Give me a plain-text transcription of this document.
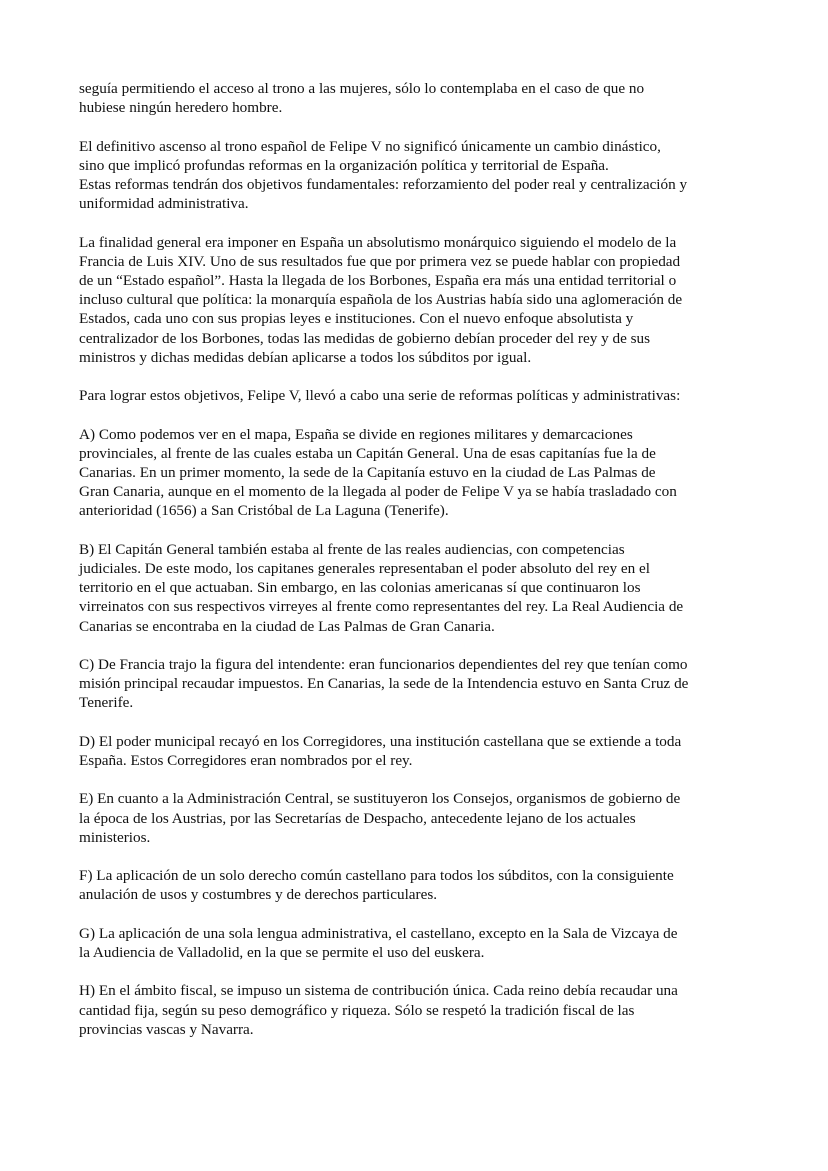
seguía permitiendo el acceso al trono a las mujeres, sólo lo contemplaba en el caso de que no
hubiese ningún heredero hombre.

El definitivo ascenso al trono español de Felipe V no significó únicamente un cambio dinástico,
sino que implicó profundas reformas en la organización política y territorial de España.
Estas reformas tendrán dos objetivos fundamentales: reforzamiento del poder real y centralización y
uniformidad administrativa.

La finalidad general era imponer en España un absolutismo monárquico siguiendo el modelo de la
Francia de Luis XIV. Uno de sus resultados fue que por primera vez se puede hablar con propiedad
de un “Estado español”. Hasta la llegada de los Borbones, España era más una entidad territorial o
incluso cultural que política: la monarquía española de los Austrias había sido una aglomeración de
Estados, cada uno con sus propias leyes e instituciones. Con el nuevo enfoque absolutista y
centralizador de los Borbones, todas las medidas de gobierno debían proceder del rey y de sus
ministros y dichas medidas debían aplicarse a todos los súbditos por igual.

Para lograr estos objetivos, Felipe V, llevó a cabo una serie de reformas políticas y administrativas:

A) Como podemos ver en el mapa, España se divide en regiones militares y demarcaciones
provinciales, al frente de las cuales estaba un Capitán General. Una de esas capitanías fue la de
Canarias. En un primer momento, la sede de la Capitanía estuvo en la ciudad de Las Palmas de
Gran Canaria, aunque en el momento de la llegada al poder de Felipe V ya se había trasladado con
anterioridad (1656) a San Cristóbal de La Laguna (Tenerife).

B) El Capitán General también estaba al frente de las reales audiencias, con competencias
judiciales. De este modo, los capitanes generales representaban el poder absoluto del rey en el
territorio en el que actuaban. Sin embargo, en las colonias americanas sí que continuaron los
virreinatos con sus respectivos virreyes al frente como representantes del rey. La Real Audiencia de
Canarias se encontraba en la ciudad de Las Palmas de Gran Canaria.

C) De Francia trajo la figura del intendente: eran funcionarios dependientes del rey que tenían como
misión principal recaudar impuestos. En Canarias, la sede de la Intendencia estuvo en Santa Cruz de
Tenerife.

D) El poder municipal recayó en los Corregidores, una institución castellana que se extiende a toda
España. Estos Corregidores eran nombrados por el rey.

E) En cuanto a la Administración Central, se sustituyeron los Consejos, organismos de gobierno de
la época de los Austrias, por las Secretarías de Despacho, antecedente lejano de los actuales
ministerios.

F) La aplicación de un solo derecho común castellano para todos los súbditos, con la consiguiente
anulación de usos y costumbres y de derechos particulares.

G) La aplicación de una sola lengua administrativa, el castellano, excepto en la Sala de Vizcaya de
la Audiencia de Valladolid, en la que se permite el uso del euskera.

H) En el ámbito fiscal, se impuso un sistema de contribución única. Cada reino debía recaudar una
cantidad fija, según su peso demográfico y riqueza. Sólo se respetó la tradición fiscal de las
provincias vascas y Navarra.
